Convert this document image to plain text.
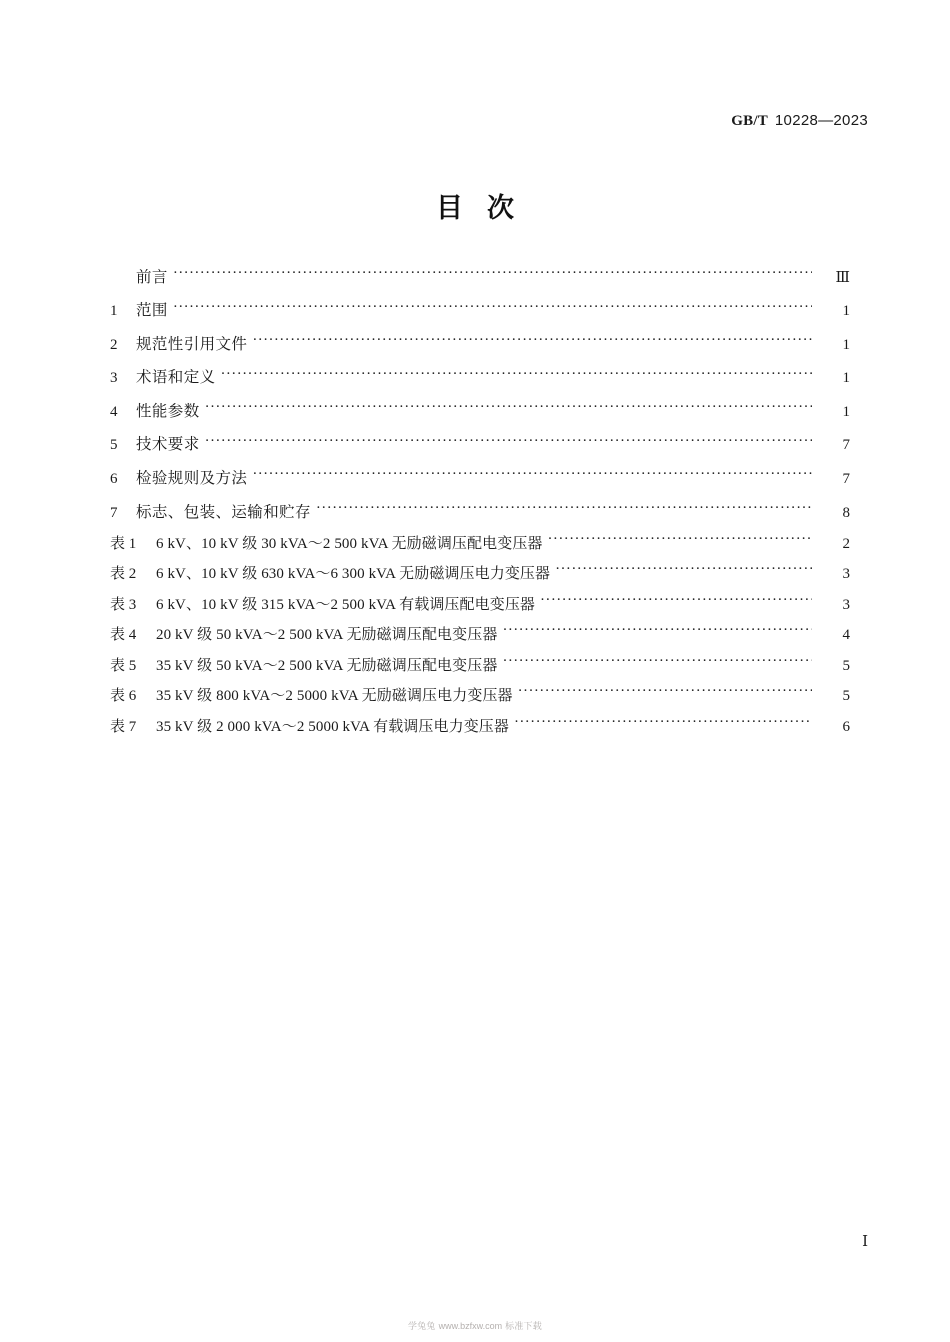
GB/T 10228—2023
目次
前言 ·····	Ⅲ
1	范围 ·····	1
2	规范性引用文件 ·····	1
3	术语和定义 ·····	1
4	性能参数 ·····	1
5	技术要求 ·····	7
6	检验规则及方法 ·····	7
7	标志、包装、运输和贮存 ·····	8
表 1	6 kV、10 kV 级 30 kVA～2 500 kVA 无励磁调压配电变压器 ·····	2
表 2	6 kV、10 kV 级 630 kVA～6 300 kVA 无励磁调压电力变压器 ·····	3
表 3	6 kV、10 kV 级 315 kVA～2 500 kVA 有载调压配电变压器 ·····	3
表 4	20 kV 级 50 kVA～2 500 kVA 无励磁调压配电变压器 ·····	4
表 5	35 kV 级 50 kVA～2 500 kVA 无励磁调压配电变压器 ·····	5
表 6	35 kV 级 800 kVA～2 5000 kVA 无励磁调压电力变压器 ·····	5
表 7	35 kV 级 2 000 kVA～2 5000 kVA 有载调压电力变压器 ·····	6
Ⅰ
学兔兔 www.bzfxw.com 标准下载
